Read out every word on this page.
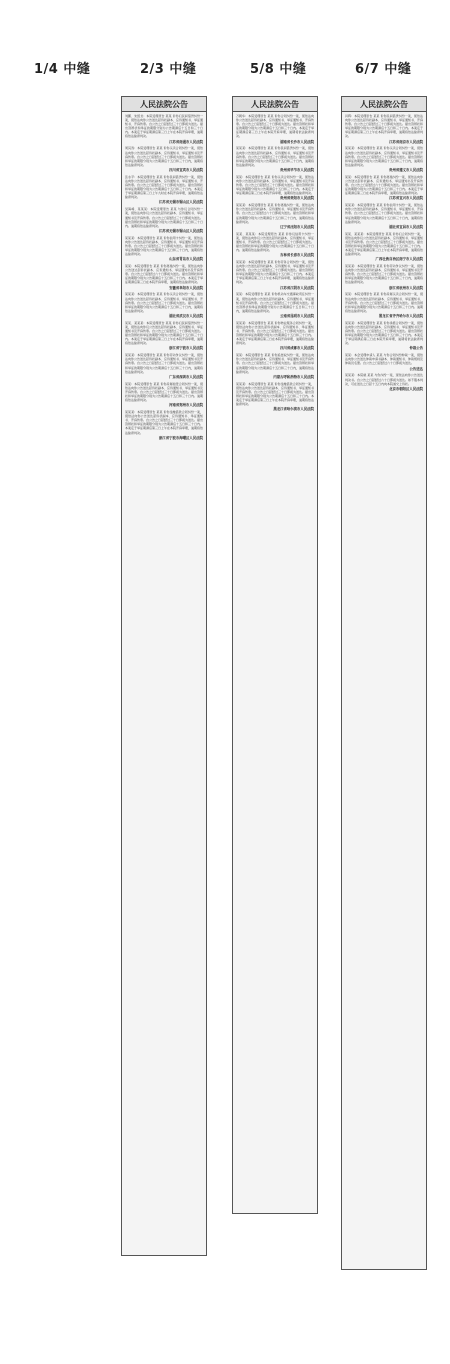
1/4 中缝	2/3 中缝	5/8 中缝	6/7 中缝
人民法院公告
刘鹏、朱绍龙：本院受理原告 某某 诉你们民间借贷纠纷一案，现依法向你公告送达起诉状副本、应诉通知书、举证通知书、开庭传票。自公告之日起经过三十日即视为送达。提出答辩状和举证的期限分别为公告期满后十五日和三十日内。本案定于举证期满后第三日上午在本院开庭审理，逾期将依法缺席判决。
江苏省南通市人民法院
周其涛：本院受理原告 某某 诉你买卖合同纠纷一案，现依法向你公告送达起诉状副本、应诉通知书、举证通知书及开庭传票。自公告之日起经过三十日即视为送达。提出答辩状和举证的期限分别为公告期满后十五日和三十日内，逾期将依法缺席判决。
四川省宜宾市人民法院
张永平：本院受理原告 某某 诉你民间借贷纠纷一案，现依法向你公告送达起诉状副本、应诉通知书、举证通知书、开庭传票。自公告之日起经过三十日即视为送达。提出答辩状和举证的期限分别为公告期满后十五日和三十日内。本案定于举证期满后第三日上午九时在本院开庭审理，逾期将依法缺席判决。
江苏省无锡市锡山区人民法院
吴海峰、某某某：本院受理原告 某某 与你们合同纠纷一案，现依法向你们公告送达起诉状副本、应诉通知书、举证通知书及开庭传票。自公告之日起经过三十日即视为送达。提出答辩状和举证的期限分别为公告期满后十五日和三十日内。逾期将依法缺席判决。
江苏省无锡市锡山区人民法院
某某某：本院受理原告 某某 诉你信用卡纠纷一案，现依法向你公告送达起诉状副本、应诉通知书、举证通知书及开庭传票。自公告之日起经过三十日即视为送达。提出答辩状和举证的期限分别为公告期满后十五日和三十日内，逾期将依法缺席判决。
山东省青岛市人民法院
某某：本院受理原告 某某 诉你离婚纠纷一案，现依法向你公告送达起诉状副本、应诉通知书、举证通知书及开庭传票。自公告之日起经过六十日即视为送达。提出答辩状和举证的期限分别为公告期满后十五日和三十日内。本案定于举证期满后第三日在本院开庭审理，逾期将依法缺席判决。
安徽省阜阳市人民法院
某某某：本院受理原告 某某 诉你买卖合同纠纷一案，现依法向你公告送达起诉状副本、应诉通知书、举证通知书、开庭传票。自公告之日起经过三十日即视为送达。提出答辩状和举证的期限分别为公告期满后十五日和三十日内，逾期将依法缺席判决。
湖北省武汉市人民法院
某某、某某某：本院受理原告 某某 诉你们民间借贷纠纷一案，现依法向你们公告送达起诉状副本、应诉通知书、举证通知书及开庭传票。自公告之日起经过三十日即视为送达。提出答辩状和举证的期限分别为公告期满后十五日和三十日内。本案定于举证期满后第三日上午在本院开庭审理，逾期将依法缺席判决。
浙江省宁波市人民法院
某某某：本院受理原告 某某 诉你劳动争议纠纷一案，现依法向你公告送达起诉状副本、应诉通知书、举证通知书及开庭传票。自公告之日起经过三十日即视为送达。提出答辩状和举证的期限分别为公告期满后十五日和三十日内，逾期将依法缺席判决。
广东省深圳市人民法院
某某：本院受理原告 某某 诉你房屋租赁合同纠纷一案，现依法向你公告送达起诉状副本、应诉通知书、举证通知书及开庭传票。自公告之日起经过三十日即视为送达。提出答辩状和举证的期限分别为公告期满后十五日和三十日内。逾期将依法缺席判决。
河南省郑州市人民法院
某某某：本院受理原告 某某 诉你金融借款合同纠纷一案，现依法向你公告送达起诉状副本、应诉通知书、举证通知书、开庭传票。自公告之日起经过三十日即视为送达。提出答辩状和举证的期限分别为公告期满后十五日和三十日内。本案定于举证期满后第三日上午在本院开庭审理，逾期将依法缺席判决。
浙江省宁波市海曙区人民法院
人民法院公告
万朝华：本院受理原告 某某 诉你合同纠纷一案，现依法向你公告送达起诉状副本、应诉通知书、举证通知书、开庭传票。自公告之日起经过三十日即视为送达。提出答辩状和举证的期限分别为公告期满后十五日和三十日内。本案定于举证期满后第三日上午在本院开庭审理，逾期将依法缺席判决。
湖南省长沙市人民法院
某某某：本院受理原告 某某 诉你民间借贷纠纷一案，现依法向你公告送达起诉状副本、应诉通知书、举证通知书及开庭传票。自公告之日起经过三十日即视为送达。提出答辩状和举证的期限分别为公告期满后十五日和三十日内，逾期将依法缺席判决。
贵州省毕节市人民法院
某某：本院受理原告 某某 诉你买卖合同纠纷一案，现依法向你公告送达起诉状副本、应诉通知书、举证通知书及开庭传票。自公告之日起经过三十日即视为送达。提出答辩状和举证的期限分别为公告期满后十五日和三十日内。本案定于举证期满后第三日在本院开庭审理，逾期将依法缺席判决。
贵州省贵阳市人民法院
某某某：本院受理原告 某某 诉你离婚纠纷一案，现依法向你公告送达起诉状副本、应诉通知书、举证通知书及开庭传票。自公告之日起经过六十日即视为送达。提出答辩状和举证的期限分别为公告期满后十五日和三十日内，逾期将依法缺席判决。
辽宁省沈阳市人民法院
某某、某某某：本院受理原告 某某 诉你们信用卡纠纷一案，现依法向你们公告送达起诉状副本、应诉通知书、举证通知书、开庭传票。自公告之日起经过三十日即视为送达。提出答辩状和举证的期限分别为公告期满后十五日和三十日内。逾期将依法缺席判决。
吉林省长春市人民法院
某某某：本院受理原告 某某 诉你劳务合同纠纷一案，现依法向你公告送达起诉状副本、应诉通知书、举证通知书及开庭传票。自公告之日起经过三十日即视为送达。提出答辩状和举证的期限分别为公告期满后十五日和三十日内。本案定于举证期满后第三日上午在本院开庭审理，逾期将依法缺席判决。
江苏省江阴市人民法院
某某：本院受理原告 某某 诉你机动车交通事故责任纠纷一案，现依法向你公告送达起诉状副本、应诉通知书、举证通知书及开庭传票。自公告之日起经过三十日即视为送达。提出答辩状和举证的期限分别为公告期满后十五日和三十日内，逾期将依法缺席判决。
云南省昆明市人民法院
某某某：本院受理原告 某某 诉你物业服务合同纠纷一案，现依法向你公告送达起诉状副本、应诉通知书、举证通知书、开庭传票。自公告之日起经过三十日即视为送达。提出答辩状和举证的期限分别为公告期满后十五日和三十日内。本案定于举证期满后第三日在本院开庭审理，逾期将依法缺席判决。
四川省成都市人民法院
某某：本院受理原告 某某 诉你追偿权纠纷一案，现依法向你公告送达起诉状副本、应诉通知书、举证通知书及开庭传票。自公告之日起经过三十日即视为送达。提出答辩状和举证的期限分别为公告期满后十五日和三十日内，逾期将依法缺席判决。
内蒙古呼和浩特市人民法院
某某某：本院受理原告 某某 诉你金融借款合同纠纷一案，现依法向你公告送达起诉状副本、应诉通知书、举证通知书及开庭传票。自公告之日起经过三十日即视为送达。提出答辩状和举证的期限分别为公告期满后十五日和三十日内。本案定于举证期满后第三日上午在本院开庭审理，逾期将依法缺席判决。
黑龙江省哈尔滨市人民法院
人民法院公告
肖辉：本院受理原告 某某 诉你民间借贷纠纷一案，现依法向你公告送达起诉状副本、应诉通知书、举证通知书、开庭传票。自公告之日起经过三十日即视为送达。提出答辩状和举证的期限分别为公告期满后十五日和三十日内。本案定于举证期满后第三日上午在本院开庭审理，逾期将依法缺席判决。
江苏省南京市人民法院
某某某：本院受理原告 某某 诉你买卖合同纠纷一案，现依法向你公告送达起诉状副本、应诉通知书、举证通知书及开庭传票。自公告之日起经过三十日即视为送达。提出答辩状和举证的期限分别为公告期满后十五日和三十日内，逾期将依法缺席判决。
贵州省遵义市人民法院
某某：本院受理原告 某某 诉你离婚纠纷一案，现依法向你公告送达起诉状副本、应诉通知书、举证通知书及开庭传票。自公告之日起经过六十日即视为送达。提出答辩状和举证的期限分别为公告期满后十五日和三十日内。本案定于举证期满后第三日在本院开庭审理，逾期将依法缺席判决。
江苏省宜兴市人民法院
某某某：本院受理原告 某某 诉你信用卡纠纷一案，现依法向你公告送达起诉状副本、应诉通知书、举证通知书、开庭传票。自公告之日起经过三十日即视为送达。提出答辩状和举证的期限分别为公告期满后十五日和三十日内，逾期将依法缺席判决。
湖北省宜昌市人民法院
某某、某某某：本院受理原告 某某 诉你们合同纠纷一案，现依法向你们公告送达起诉状副本、应诉通知书、举证通知书及开庭传票。自公告之日起经过三十日即视为送达。提出答辩状和举证的期限分别为公告期满后十五日和三十日内。本案定于举证期满后第三日上午在本院开庭审理，逾期将依法缺席判决。
广西壮族自治区南宁市人民法院
某某某：本院受理原告 某某 诉你劳动争议纠纷一案，现依法向你公告送达起诉状副本、应诉通知书、举证通知书及开庭传票。自公告之日起经过三十日即视为送达。提出答辩状和举证的期限分别为公告期满后十五日和三十日内，逾期将依法缺席判决。
浙江省杭州市人民法院
某某：本院受理原告 某某 诉你房屋买卖合同纠纷一案，现依法向你公告送达起诉状副本、应诉通知书、举证通知书、开庭传票。自公告之日起经过三十日即视为送达。提出答辩状和举证的期限分别为公告期满后十五日和三十日内。逾期将依法缺席判决。
黑龙江省齐齐哈尔市人民法院
某某某：本院受理原告 某某 诉你承揽合同纠纷一案，现依法向你公告送达起诉状副本、应诉通知书、举证通知书及开庭传票。自公告之日起经过三十日即视为送达。提出答辩状和举证的期限分别为公告期满后十五日和三十日内。本案定于举证期满后第三日在本院开庭审理，逾期将依法缺席判决。
仲裁公告
某某：本会受理申请人 某某 与你合同纠纷仲裁一案，现依法向你公告送达仲裁申请书副本、仲裁通知书、仲裁规则及仲裁员名册。自公告之日起经过六十日即视为送达。
公告送达
某某某：本院就 某某 与你纠纷一案，现依法向你公告送达判决书。自公告之日起经过六十日即视为送达。如不服本判决，可在送达之日起十五日内向本院递交上诉状。
北京市朝阳区人民法院
